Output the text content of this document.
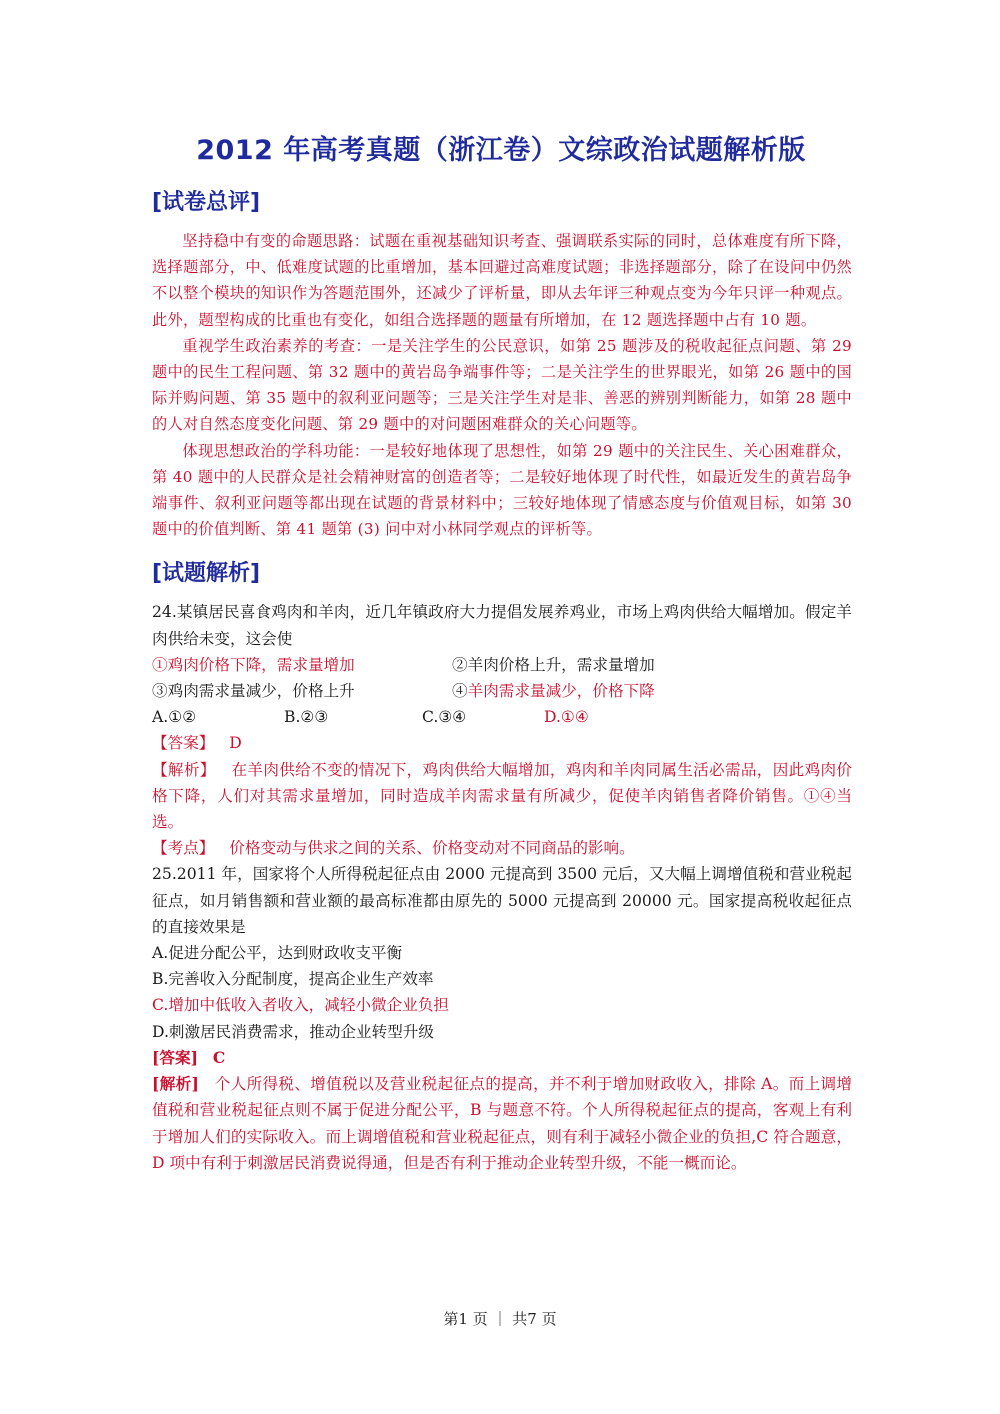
2012 年高考真题（浙江卷）文综政治试题解析版
[试卷总评]

坚持稳中有变的命题思路：试题在重视基础知识考查、强调联系实际的同时，总体难度有所下降，选择题部分，中、低难度试题的比重增加，基本回避过高难度试题；非选择题部分，除了在设问中仍然不以整个模块的知识作为答题范围外，还减少了评析量，即从去年评三种观点变为今年只评一种观点。此外，题型构成的比重也有变化，如组合选择题的题量有所增加，在 12 题选择题中占有 10 题。

重视学生政治素养的考查：一是关注学生的公民意识，如第 25 题涉及的税收起征点问题、第 29 题中的民生工程问题、第 32 题中的黄岩岛争端事件等；二是关注学生的世界眼光，如第 26 题中的国际并购问题、第 35 题中的叙利亚问题等；三是关注学生对是非、善恶的辨别判断能力，如第 28 题中的人对自然态度变化问题、第 29 题中的对问题困难群众的关心问题等。

体现思想政治的学科功能：一是较好地体现了思想性，如第 29 题中的关注民生、关心困难群众，第 40 题中的人民群众是社会精神财富的创造者等；二是较好地体现了时代性，如最近发生的黄岩岛争端事件、叙利亚问题等都出现在试题的背景材料中；三较好地体现了情感态度与价值观目标，如第 30 题中的价值判断、第 41 题第 (3) 问中对小林同学观点的评析等。

[试题解析]

24.某镇居民喜食鸡肉和羊肉，近几年镇政府大力提倡发展养鸡业，市场上鸡肉供给大幅增加。假定羊肉供给未变，这会使

①鸡肉价格下降，需求量增加	②羊肉价格上升，需求量增加
③鸡肉需求量减少，价格上升	④羊肉需求量减少，价格下降
A.①②	B.②③	C.③④	D.①④

【答案】 D

【解析】 在羊肉供给不变的情况下，鸡肉供给大幅增加，鸡肉和羊肉同属生活必需品，因此鸡肉价格下降，人们对其需求量增加，同时造成羊肉需求量有所减少，促使羊肉销售者降价销售。①④当选。

【考点】 价格变动与供求之间的关系、价格变动对不同商品的影响。

25.2011 年，国家将个人所得税起征点由 2000 元提高到 3500 元后，又大幅上调增值税和营业税起征点，如月销售额和营业额的最高标准都由原先的 5000 元提高到 20000 元。国家提高税收起征点的直接效果是

A.促进分配公平，达到财政收支平衡

B.完善收入分配制度，提高企业生产效率

C.增加中低收入者收入，减轻小微企业负担

D.刺激居民消费需求，推动企业转型升级

[答案] C

[解析] 个人所得税、增值税以及营业税起征点的提高，并不利于增加财政收入，排除 A。而上调增值税和营业税起征点则不属于促进分配公平，B 与题意不符。个人所得税起征点的提高，客观上有利于增加人们的实际收入。而上调增值税和营业税起征点，则有利于减轻小微企业的负担,C 符合题意，D 项中有利于刺激居民消费说得通，但是否有利于推动企业转型升级，不能一概而论。

第1 页 ｜ 共7 页
